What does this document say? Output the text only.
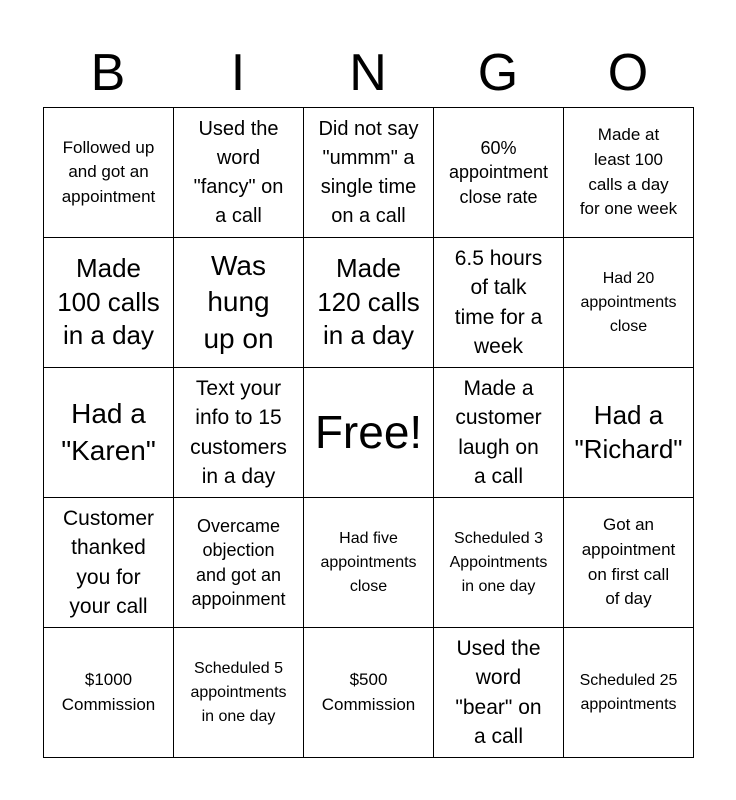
B	I	N	G	O
Followed up
and got an
appointment
Used the
word
"fancy" on
a call
Did not say
"ummm" a
single time
on a call
60%
appointment
close rate
Made at
least 100
calls a day
for one week
Made
100 calls
in a day
Was
hung
up on
Made
120 calls
in a day
6.5 hours
of talk
time for a
week
Had 20
appointments
close
Had a
"Karen"
Text your
info to 15
customers
in a day
Free!
Made a
customer
laugh on
a call
Had a
"Richard"
Customer
thanked
you for
your call
Overcame
objection
and got an
appoinment
Had five
appointments
close
Scheduled 3
Appointments
in one day
Got an
appointment
on first call
of day
$1000
Commission
Scheduled 5
appointments
in one day
$500
Commission
Used the
word
"bear" on
a call
Scheduled 25
appointments
